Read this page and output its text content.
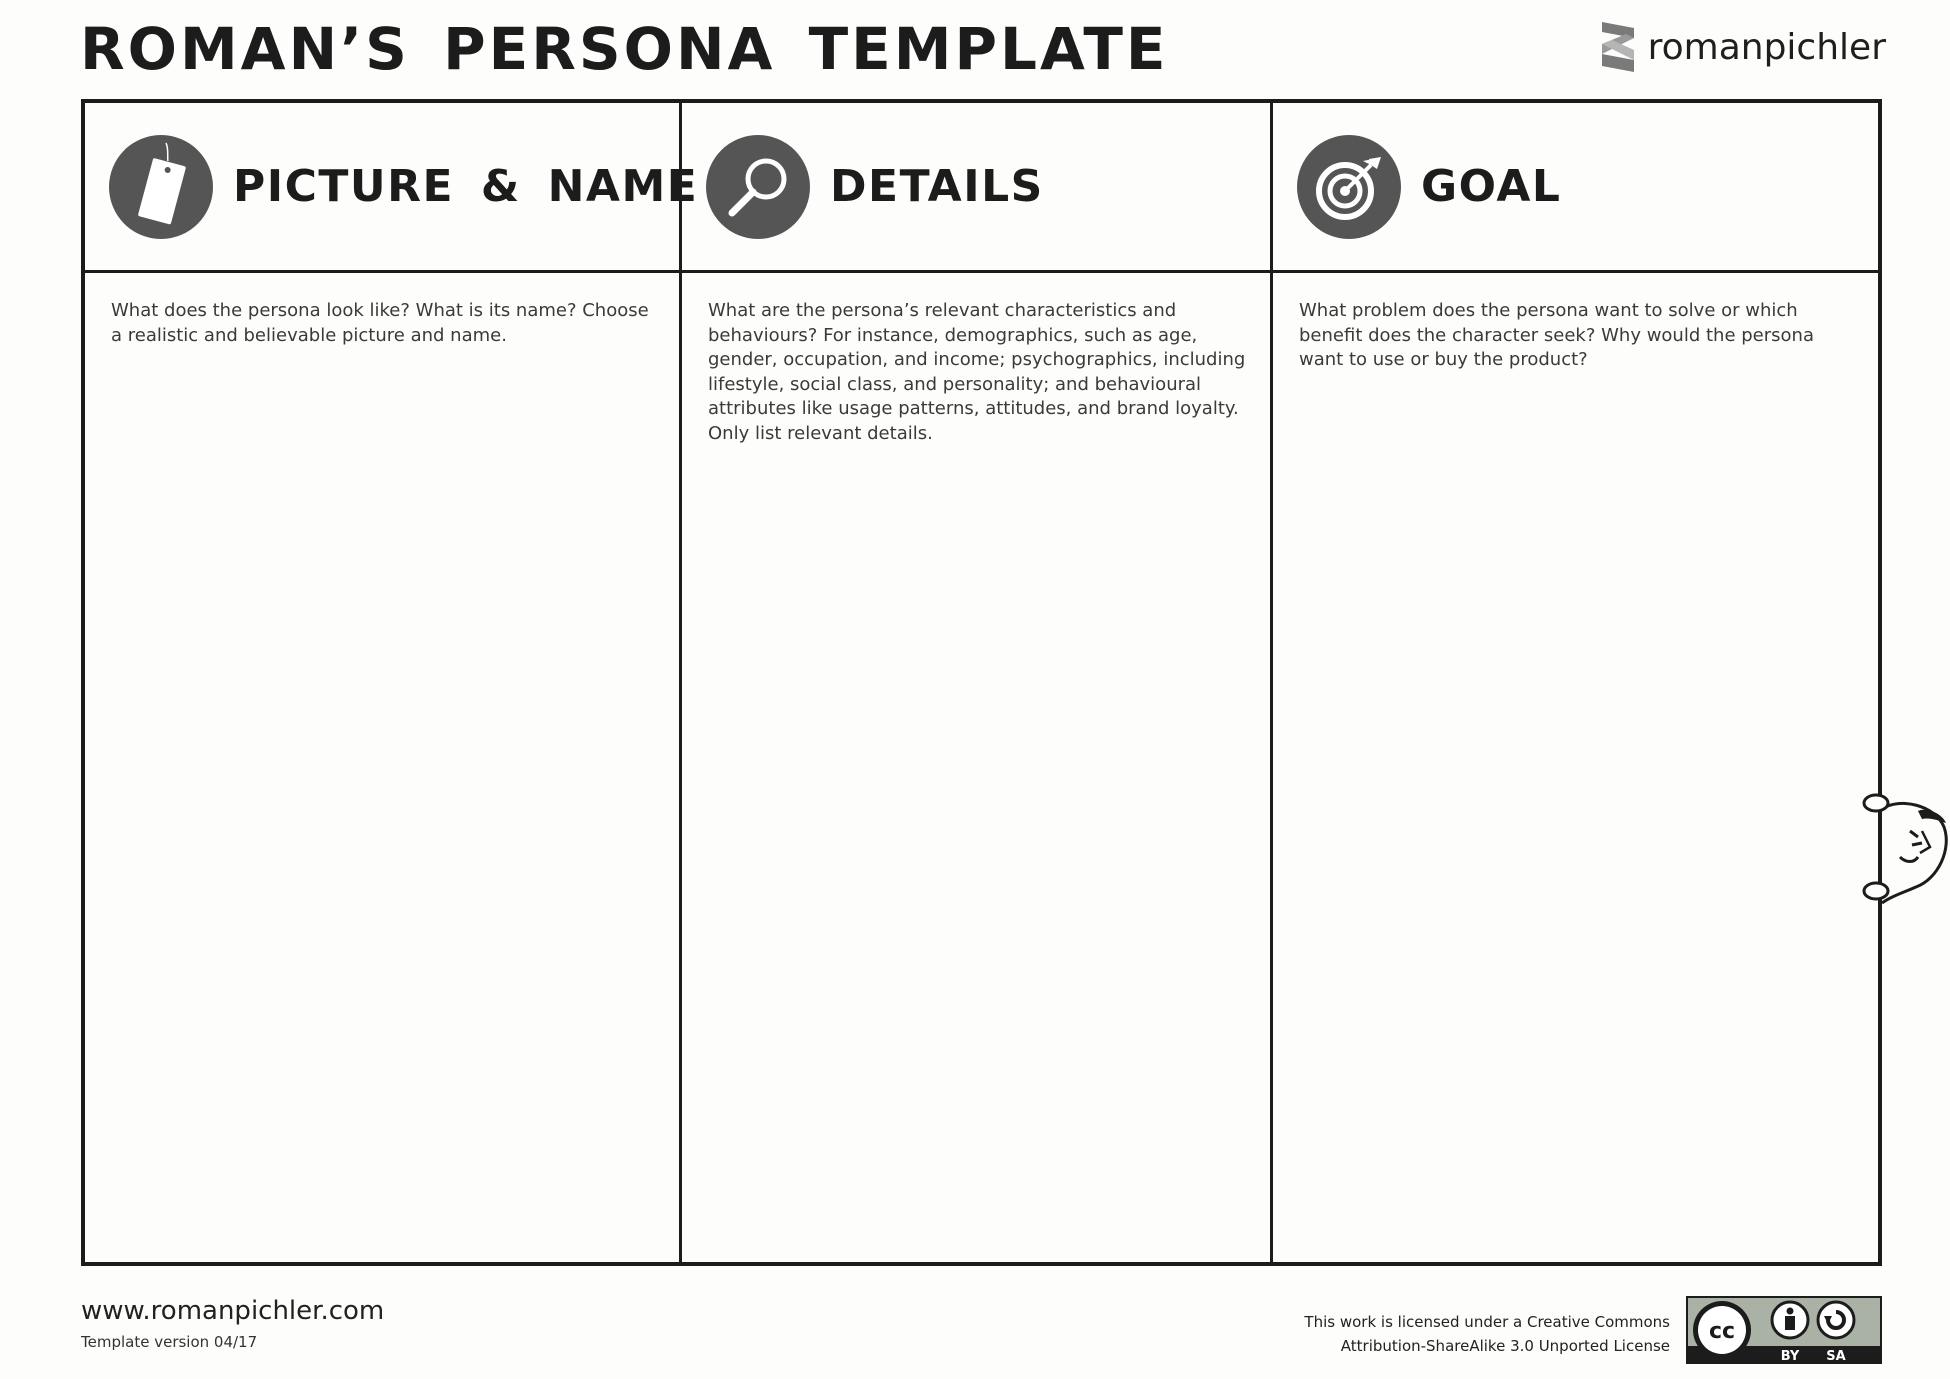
ROMAN’S PERSONA TEMPLATE	romanpichler
PICTURE & NAME
What does the persona look like? What is its name? Choose a realistic and believable picture and name.
DETAILS
What are the persona’s relevant characteristics and behaviours? For instance, demographics, such as age, gender, occupation, and income; psychographics, including lifestyle, social class, and personality; and behavioural attributes like usage patterns, attitudes, and brand loyalty. Only list relevant details.
GOAL
What problem does the persona want to solve or which benefit does the character seek? Why would the persona want to use or buy the product?
www.romanpichler.com
Template version 04/17
This work is licensed under a Creative Commons
Attribution-ShareAlike 3.0 Unported License
cc
BY SA
